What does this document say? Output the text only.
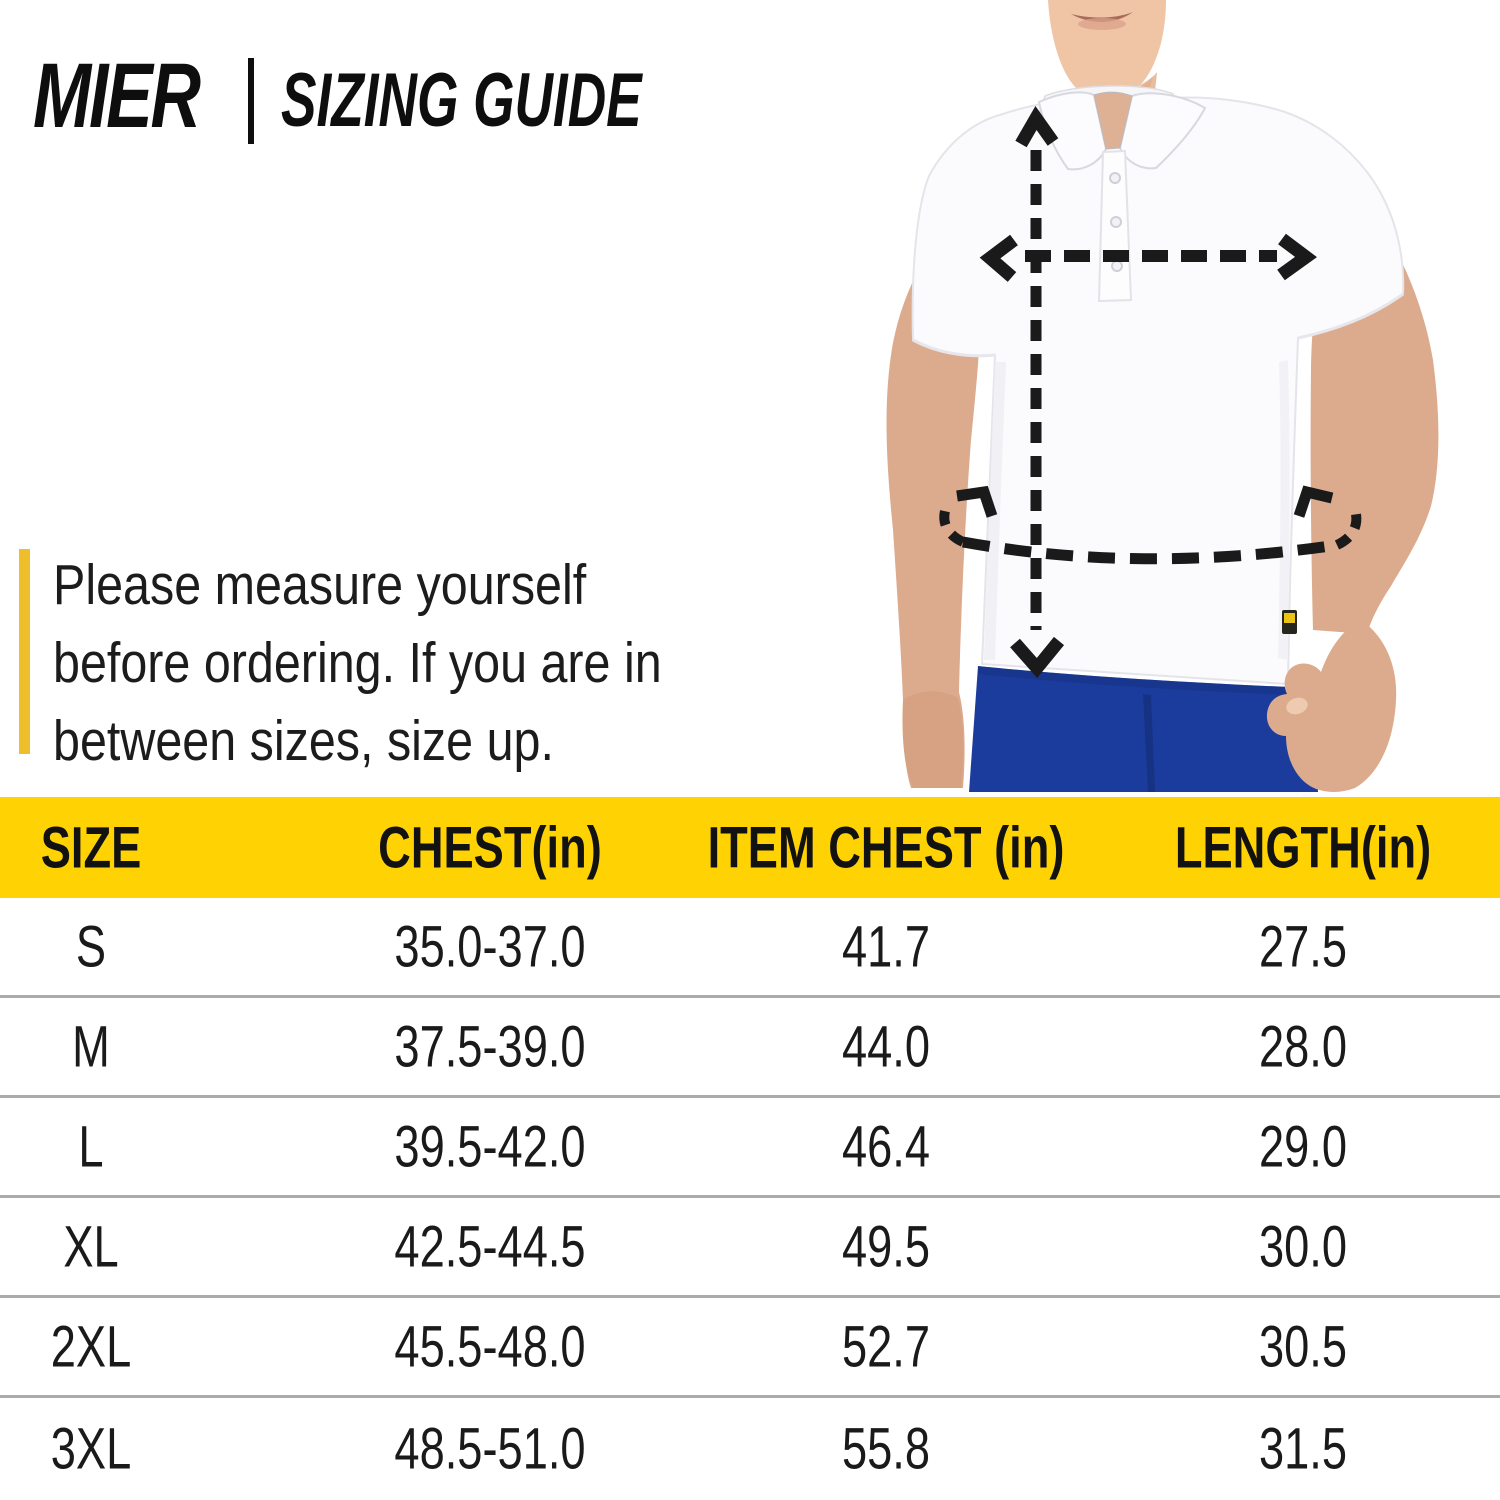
MIER SIZING GUIDE
Please measure yourself
before ordering. If you are in
between sizes, size up.
SIZE	CHEST(in)	ITEM CHEST (in)	LENGTH(in)
S	35.0-37.0	41.7	27.5
M	37.5-39.0	44.0	28.0
L	39.5-42.0	46.4	29.0
XL	42.5-44.5	49.5	30.0
2XL	45.5-48.0	52.7	30.5
3XL	48.5-51.0	55.8	31.5
